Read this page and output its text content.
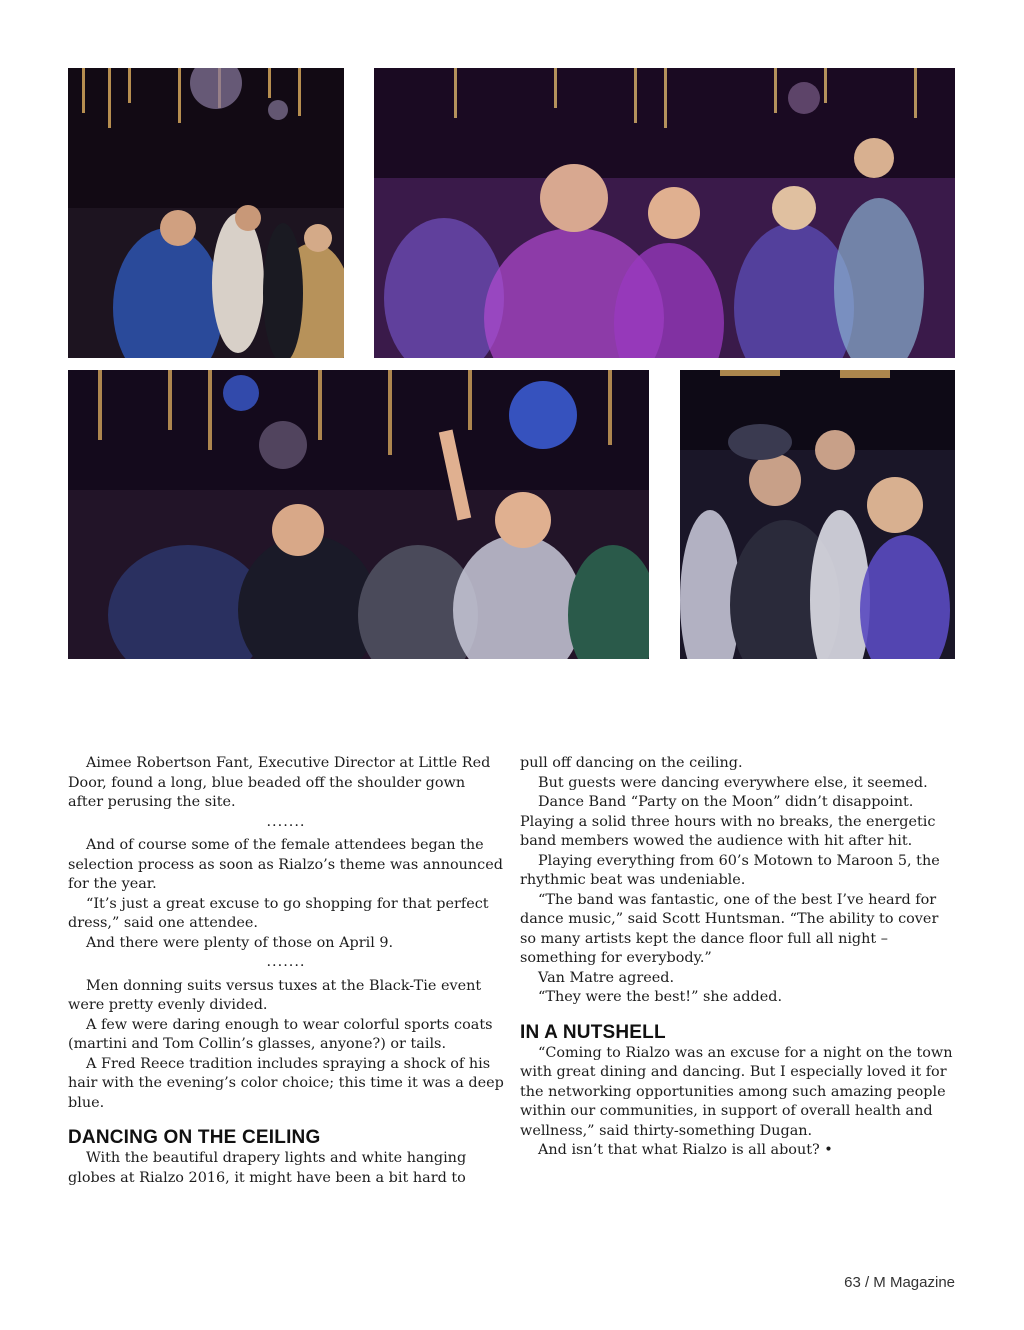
Aimee Robertson Fant, Executive Director at Little Red Door, found a long, blue beaded off the shoulder gown after perusing the site.

.......

And of course some of the female attendees began the selection process as soon as Rialzo’s theme was announced for the year.

“It’s just a great excuse to go shopping for that perfect dress,” said one attendee.

And there were plenty of those on April 9.

.......

Men donning suits versus tuxes at the Black-Tie event were pretty evenly divided.

A few were daring enough to wear colorful sports coats (martini and Tom Collin’s glasses, anyone?) or tails.

A Fred Reece tradition includes spraying a shock of his hair with the evening’s color choice; this time it was a deep blue.

DANCING ON THE CEILING

With the beautiful drapery lights and white hanging globes at Rialzo 2016, it might have been a bit hard to

pull off dancing on the ceiling.

But guests were dancing everywhere else, it seemed.

Dance Band “Party on the Moon” didn’t disappoint. Playing a solid three hours with no breaks, the energetic band members wowed the audience with hit after hit.

Playing everything from 60’s Motown to Maroon 5, the rhythmic beat was undeniable.

“The band was fantastic, one of the best I’ve heard for dance music,” said Scott Huntsman. “The ability to cover so many artists kept the dance floor full all night – something for everybody.”

Van Matre agreed.

“They were the best!” she added.

IN A NUTSHELL

“Coming to Rialzo was an excuse for a night on the town with great dining and dancing. But I especially loved it for the networking opportunities among such amazing people within our communities, in support of overall health and wellness,” said thirty-something Dugan.

And isn’t that what Rialzo is all about? •

63 / M Magazine
